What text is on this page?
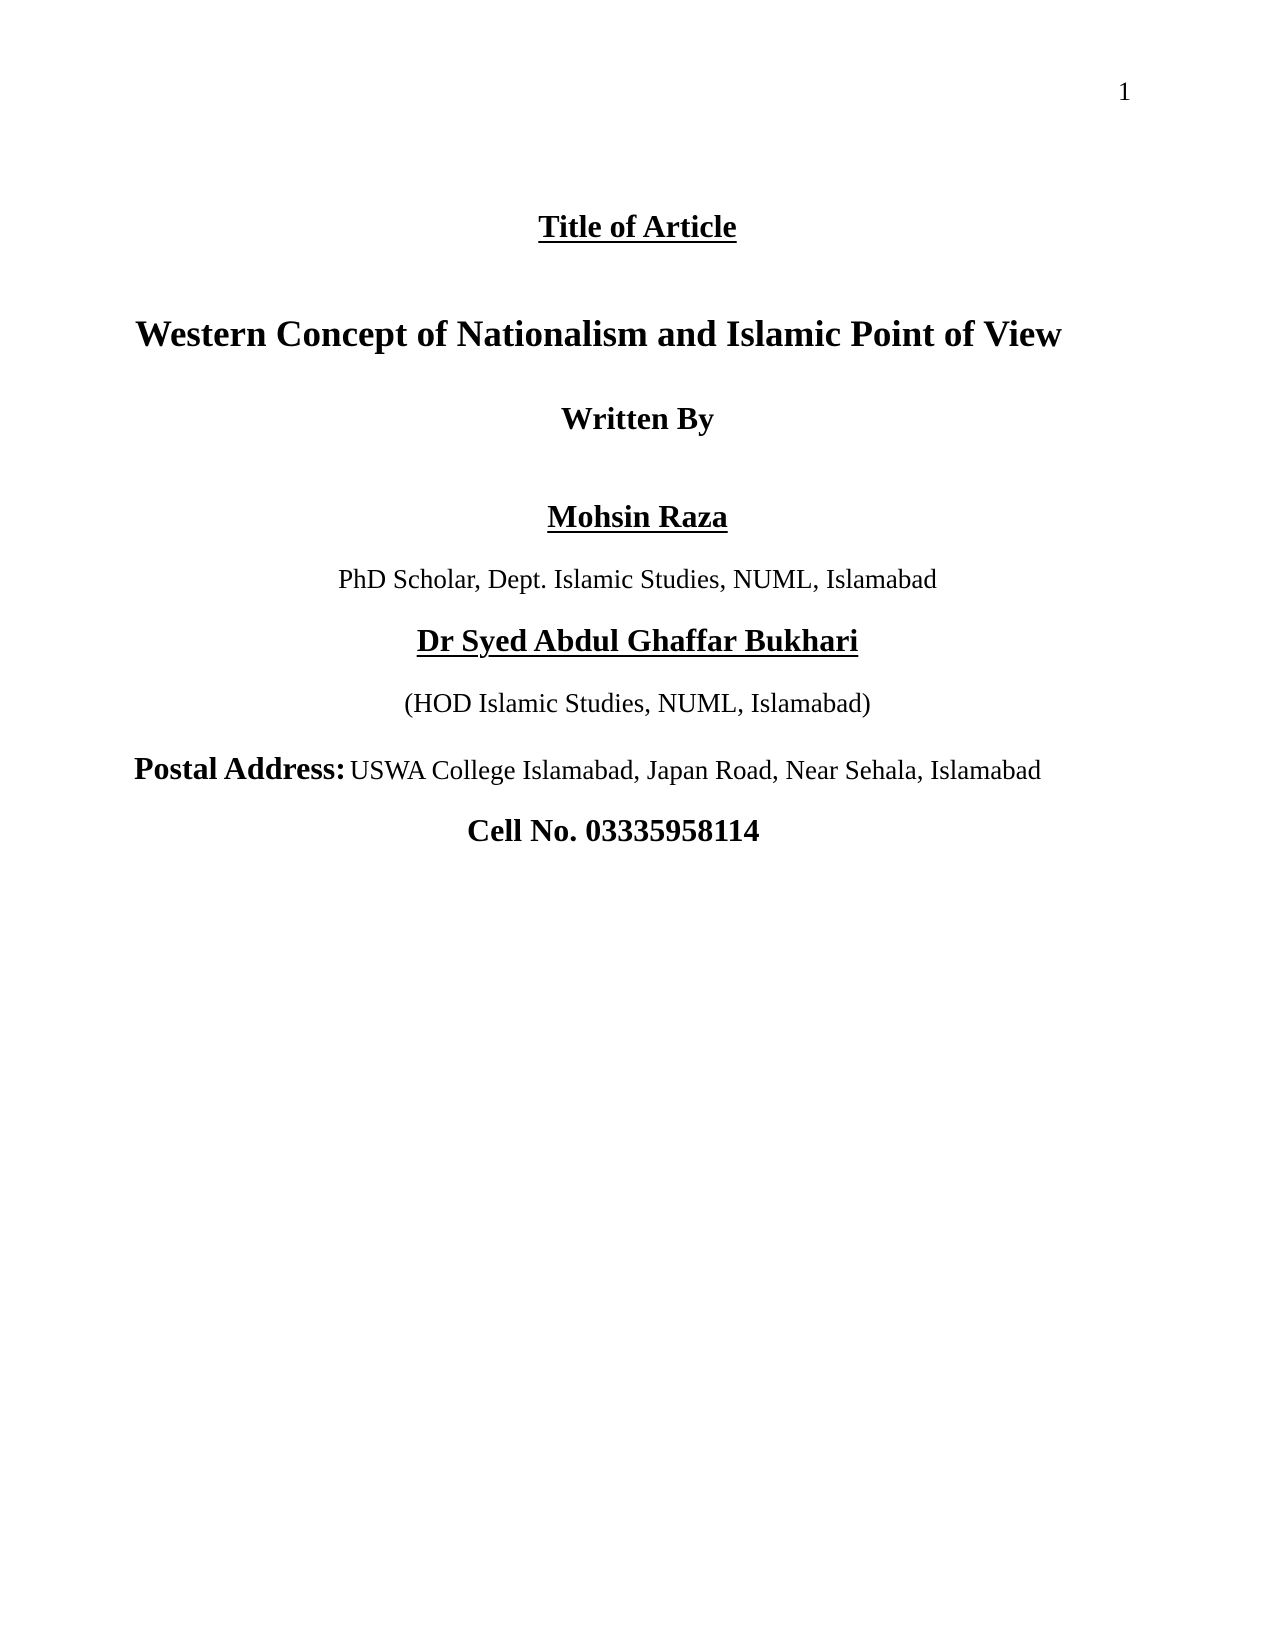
1
Title of Article
Western Concept of Nationalism and Islamic Point of View
Written By
Mohsin Raza
PhD Scholar, Dept. Islamic Studies, NUML, Islamabad
Dr Syed Abdul Ghaffar Bukhari
(HOD Islamic Studies, NUML, Islamabad)
Postal Address: USWA College Islamabad, Japan Road, Near Sehala, Islamabad
Cell No. 03335958114
